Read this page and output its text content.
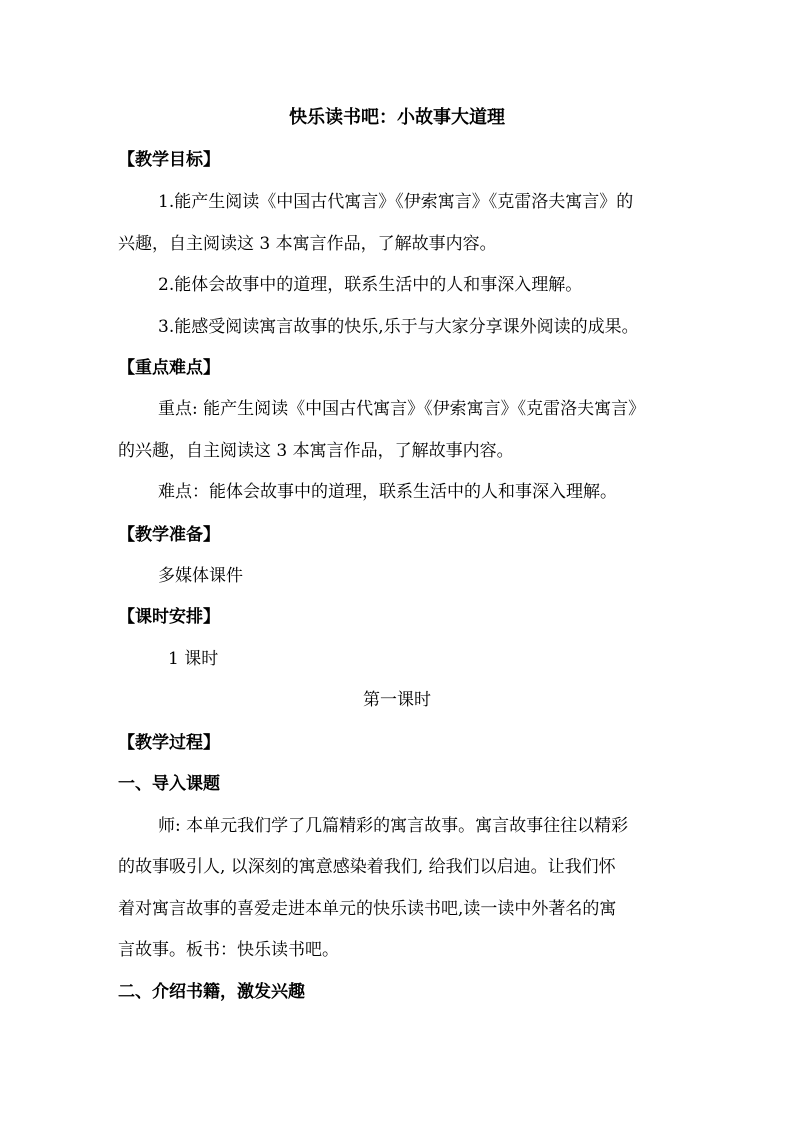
快乐读书吧：小故事大道理
【教学目标】
1.能产生阅读《中国古代寓言》《伊索寓言》《克雷洛夫寓言》的
兴趣，自主阅读这 3 本寓言作品，了解故事内容。
2.能体会故事中的道理，联系生活中的人和事深入理解。
3.能感受阅读寓言故事的快乐,乐于与大家分享课外阅读的成果。
【重点难点】
重点: 能产生阅读《中国古代寓言》《伊索寓言》《克雷洛夫寓言》
的兴趣，自主阅读这 3 本寓言作品，了解故事内容。
难点：能体会故事中的道理，联系生活中的人和事深入理解。
【教学准备】
多媒体课件
【课时安排】
1 课时
第一课时
【教学过程】
一、导入课题
师: 本单元我们学了几篇精彩的寓言故事。寓言故事往往以精彩
的故事吸引人, 以深刻的寓意感染着我们, 给我们以启迪。让我们怀
着对寓言故事的喜爱走进本单元的快乐读书吧,读一读中外著名的寓
言故事。板书：快乐读书吧。
二、介绍书籍，激发兴趣
